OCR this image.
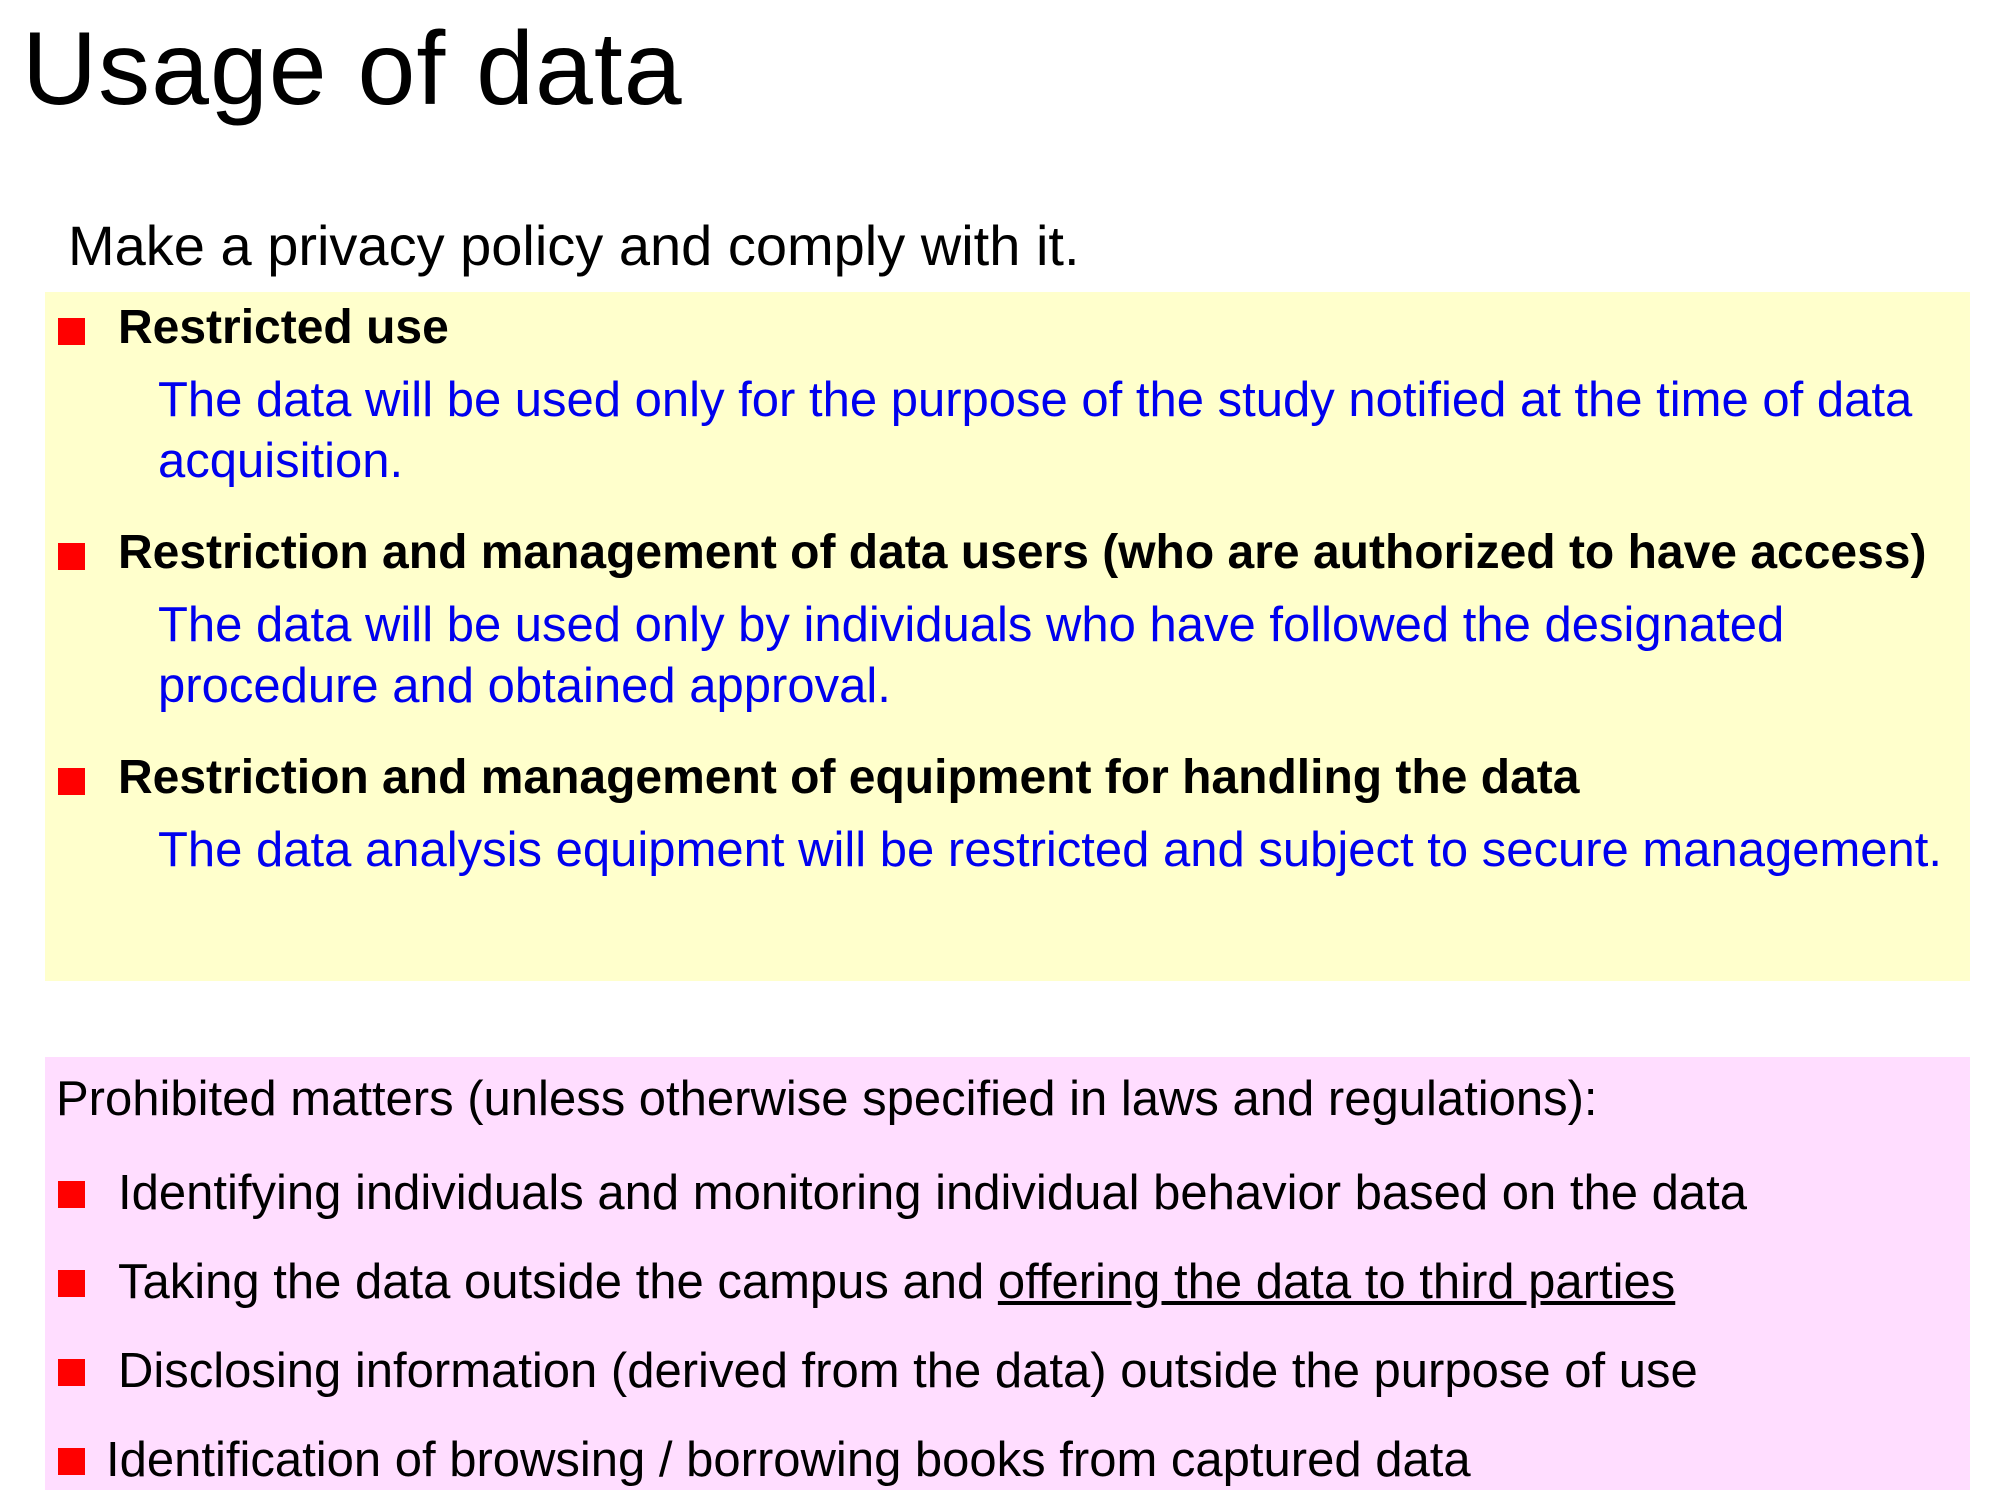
Usage of data
Make a privacy policy and comply with it.
Restricted use
The data will be used only for the purpose of the study notified at the time of data acquisition.
Restriction and management of data users (who are authorized to have access)
The data will be used only by individuals who have followed the designated procedure and obtained approval.
Restriction and management of equipment for handling the data
The data analysis equipment will be restricted and subject to secure management.
Prohibited matters (unless otherwise specified in laws and regulations):
Identifying individuals and monitoring individual behavior based on the data
Taking the data outside the campus and offering the data to third parties
Disclosing information (derived from the data) outside the purpose of use
Identification of browsing / borrowing books from captured data
